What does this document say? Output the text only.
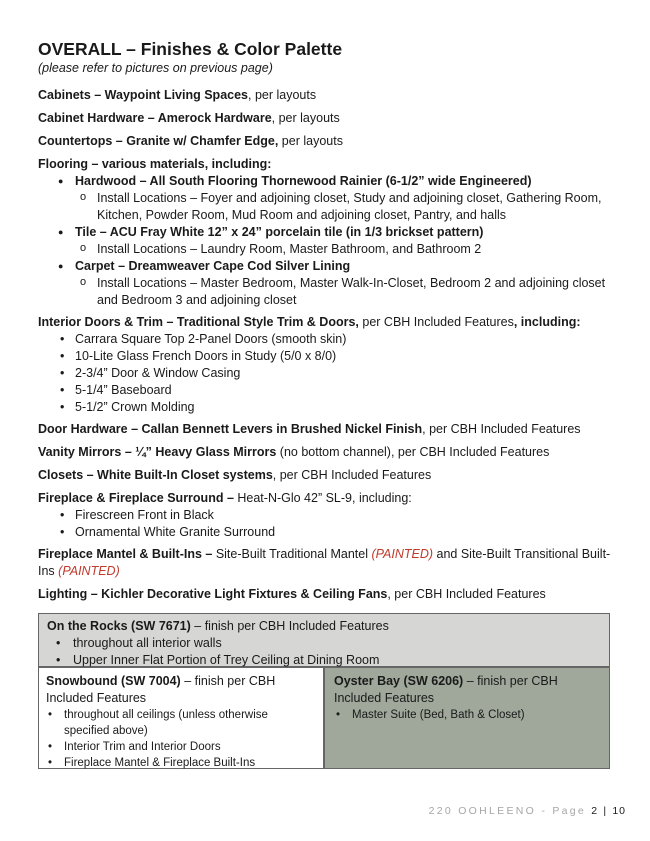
OVERALL – Finishes & Color Palette
(please refer to pictures on previous page)
Cabinets – Waypoint Living Spaces, per layouts
Cabinet Hardware – Amerock Hardware, per layouts
Countertops – Granite w/ Chamfer Edge, per layouts
Flooring – various materials, including:
● Hardwood – All South Flooring Thornewood Rainier (6-1/2” wide Engineered)
o Install Locations – Foyer and adjoining closet, Study and adjoining closet, Gathering Room, Kitchen, Powder Room, Mud Room and adjoining closet, Pantry, and halls
● Tile – ACU Fray White 12” x 24” porcelain tile (in 1/3 brickset pattern)
o Install Locations – Laundry Room, Master Bathroom, and Bathroom 2
● Carpet – Dreamweaver Cape Cod Silver Lining
o Install Locations – Master Bedroom, Master Walk-In-Closet, Bedroom 2 and adjoining closet and Bedroom 3 and adjoining closet
Interior Doors & Trim – Traditional Style Trim & Doors, per CBH Included Features, including:
• Carrara Square Top 2-Panel Doors (smooth skin)
• 10-Lite Glass French Doors in Study (5/0 x 8/0)
• 2-3/4” Door & Window Casing
• 5-1/4” Baseboard
• 5-1/2” Crown Molding
Door Hardware – Callan Bennett Levers in Brushed Nickel Finish, per CBH Included Features
Vanity Mirrors – ¼” Heavy Glass Mirrors (no bottom channel), per CBH Included Features
Closets – White Built-In Closet systems, per CBH Included Features
Fireplace & Fireplace Surround – Heat-N-Glo 42” SL-9, including:
• Firescreen Front in Black
• Ornamental White Granite Surround
Fireplace Mantel & Built-Ins – Site-Built Traditional Mantel (PAINTED) and Site-Built Transitional Built-Ins (PAINTED)
Lighting – Kichler Decorative Light Fixtures & Ceiling Fans, per CBH Included Features
On the Rocks (SW 7671) – finish per CBH Included Features
• throughout all interior walls
• Upper Inner Flat Portion of Trey Ceiling at Dining Room
Snowbound (SW 7004) – finish per CBH Included Features
• throughout all ceilings (unless otherwise specified above)
• Interior Trim and Interior Doors
• Fireplace Mantel & Fireplace Built-Ins
Oyster Bay (SW 6206) – finish per CBH Included Features
• Master Suite (Bed, Bath & Closet)
220 OOHLEENO - Page 2 | 10
